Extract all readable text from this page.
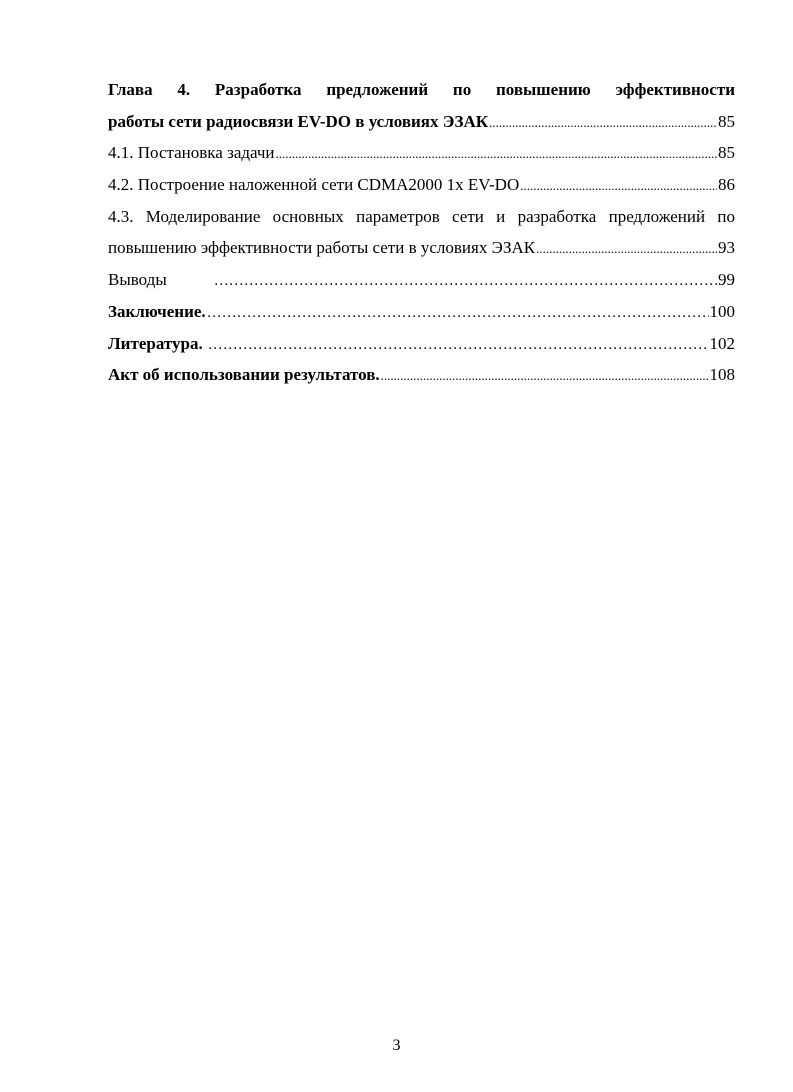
Глава 4. Разработка предложений по повышению эффективности
работы сети радиосвязи EV-DO в условиях ЭЗАК .....	85
4.1. Постановка задачи .....	85
4.2. Построение наложенной сети CDMA2000 1x EV-DO .....	86
4.3. Моделирование основных параметров сети и разработка предложений по
повышению эффективности работы сети в условиях ЭЗАК .....	93
Выводы ………………………………………………………………………………………………………………………………………………………………………………	99
Заключение. ………………………………………………………………………………………………………………………………………………………………………………	100
Литература. ………………………………………………………………………………………………………………………………………………………………………………	102
Акт об использовании результатов. .....	108
3
